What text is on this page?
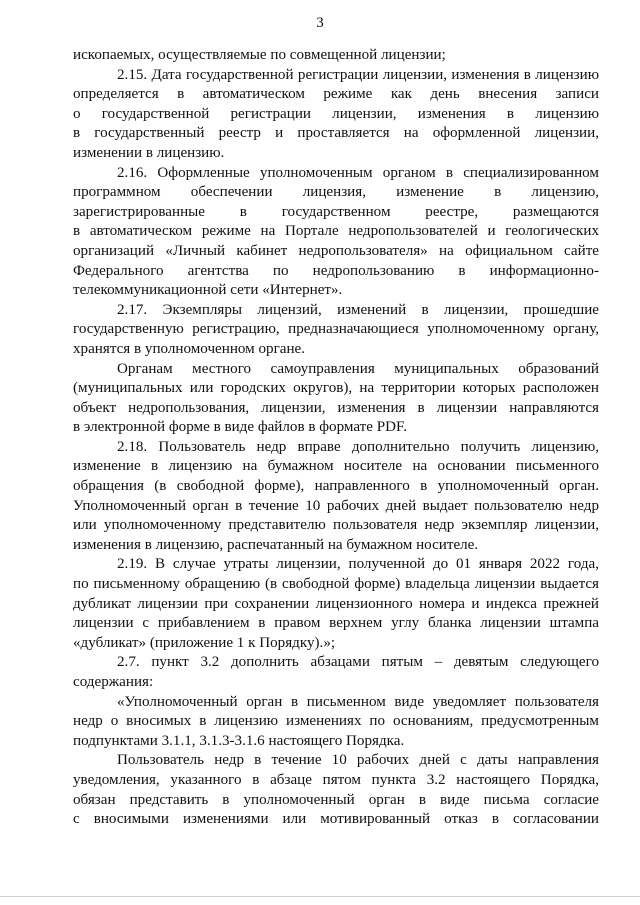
3
ископаемых, осуществляемые по совмещенной лицензии;
2.15. Дата государственной регистрации лицензии, изменения в лицензию
определяется в автоматическом режиме как день внесения записи
о государственной регистрации лицензии, изменения в лицензию
в государственный реестр и проставляется на оформленной лицензии,
изменении в лицензию.
2.16. Оформленные уполномоченным органом в специализированном
программном обеспечении лицензия, изменение в лицензию,
зарегистрированные в государственном реестре, размещаются
в автоматическом режиме на Портале недропользователей и геологических
организаций «Личный кабинет недропользователя» на официальном сайте
Федерального агентства по недропользованию в информационно-
телекоммуникационной сети «Интернет».
2.17. Экземпляры лицензий, изменений в лицензии, прошедшие
государственную регистрацию, предназначающиеся уполномоченному органу,
хранятся в уполномоченном органе.
Органам местного самоуправления муниципальных образований
(муниципальных или городских округов), на территории которых расположен
объект недропользования, лицензии, изменения в лицензии направляются
в электронной форме в виде файлов в формате PDF.
2.18. Пользователь недр вправе дополнительно получить лицензию,
изменение в лицензию на бумажном носителе на основании письменного
обращения (в свободной форме), направленного в уполномоченный орган.
Уполномоченный орган в течение 10 рабочих дней выдает пользователю недр
или уполномоченному представителю пользователя недр экземпляр лицензии,
изменения в лицензию, распечатанный на бумажном носителе.
2.19. В случае утраты лицензии, полученной до 01 января 2022 года,
по письменному обращению (в свободной форме) владельца лицензии выдается
дубликат лицензии при сохранении лицензионного номера и индекса прежней
лицензии с прибавлением в правом верхнем углу бланка лицензии штампа
«дубликат» (приложение 1 к Порядку).»;
2.7. пункт 3.2 дополнить абзацами пятым – девятым следующего
содержания:
«Уполномоченный орган в письменном виде уведомляет пользователя
недр о вносимых в лицензию изменениях по основаниям, предусмотренным
подпунктами 3.1.1, 3.1.3-3.1.6 настоящего Порядка.
Пользователь недр в течение 10 рабочих дней с даты направления
уведомления, указанного в абзаце пятом пункта 3.2 настоящего Порядка,
обязан представить в уполномоченный орган в виде письма согласие
с вносимыми изменениями или мотивированный отказ в согласовании
